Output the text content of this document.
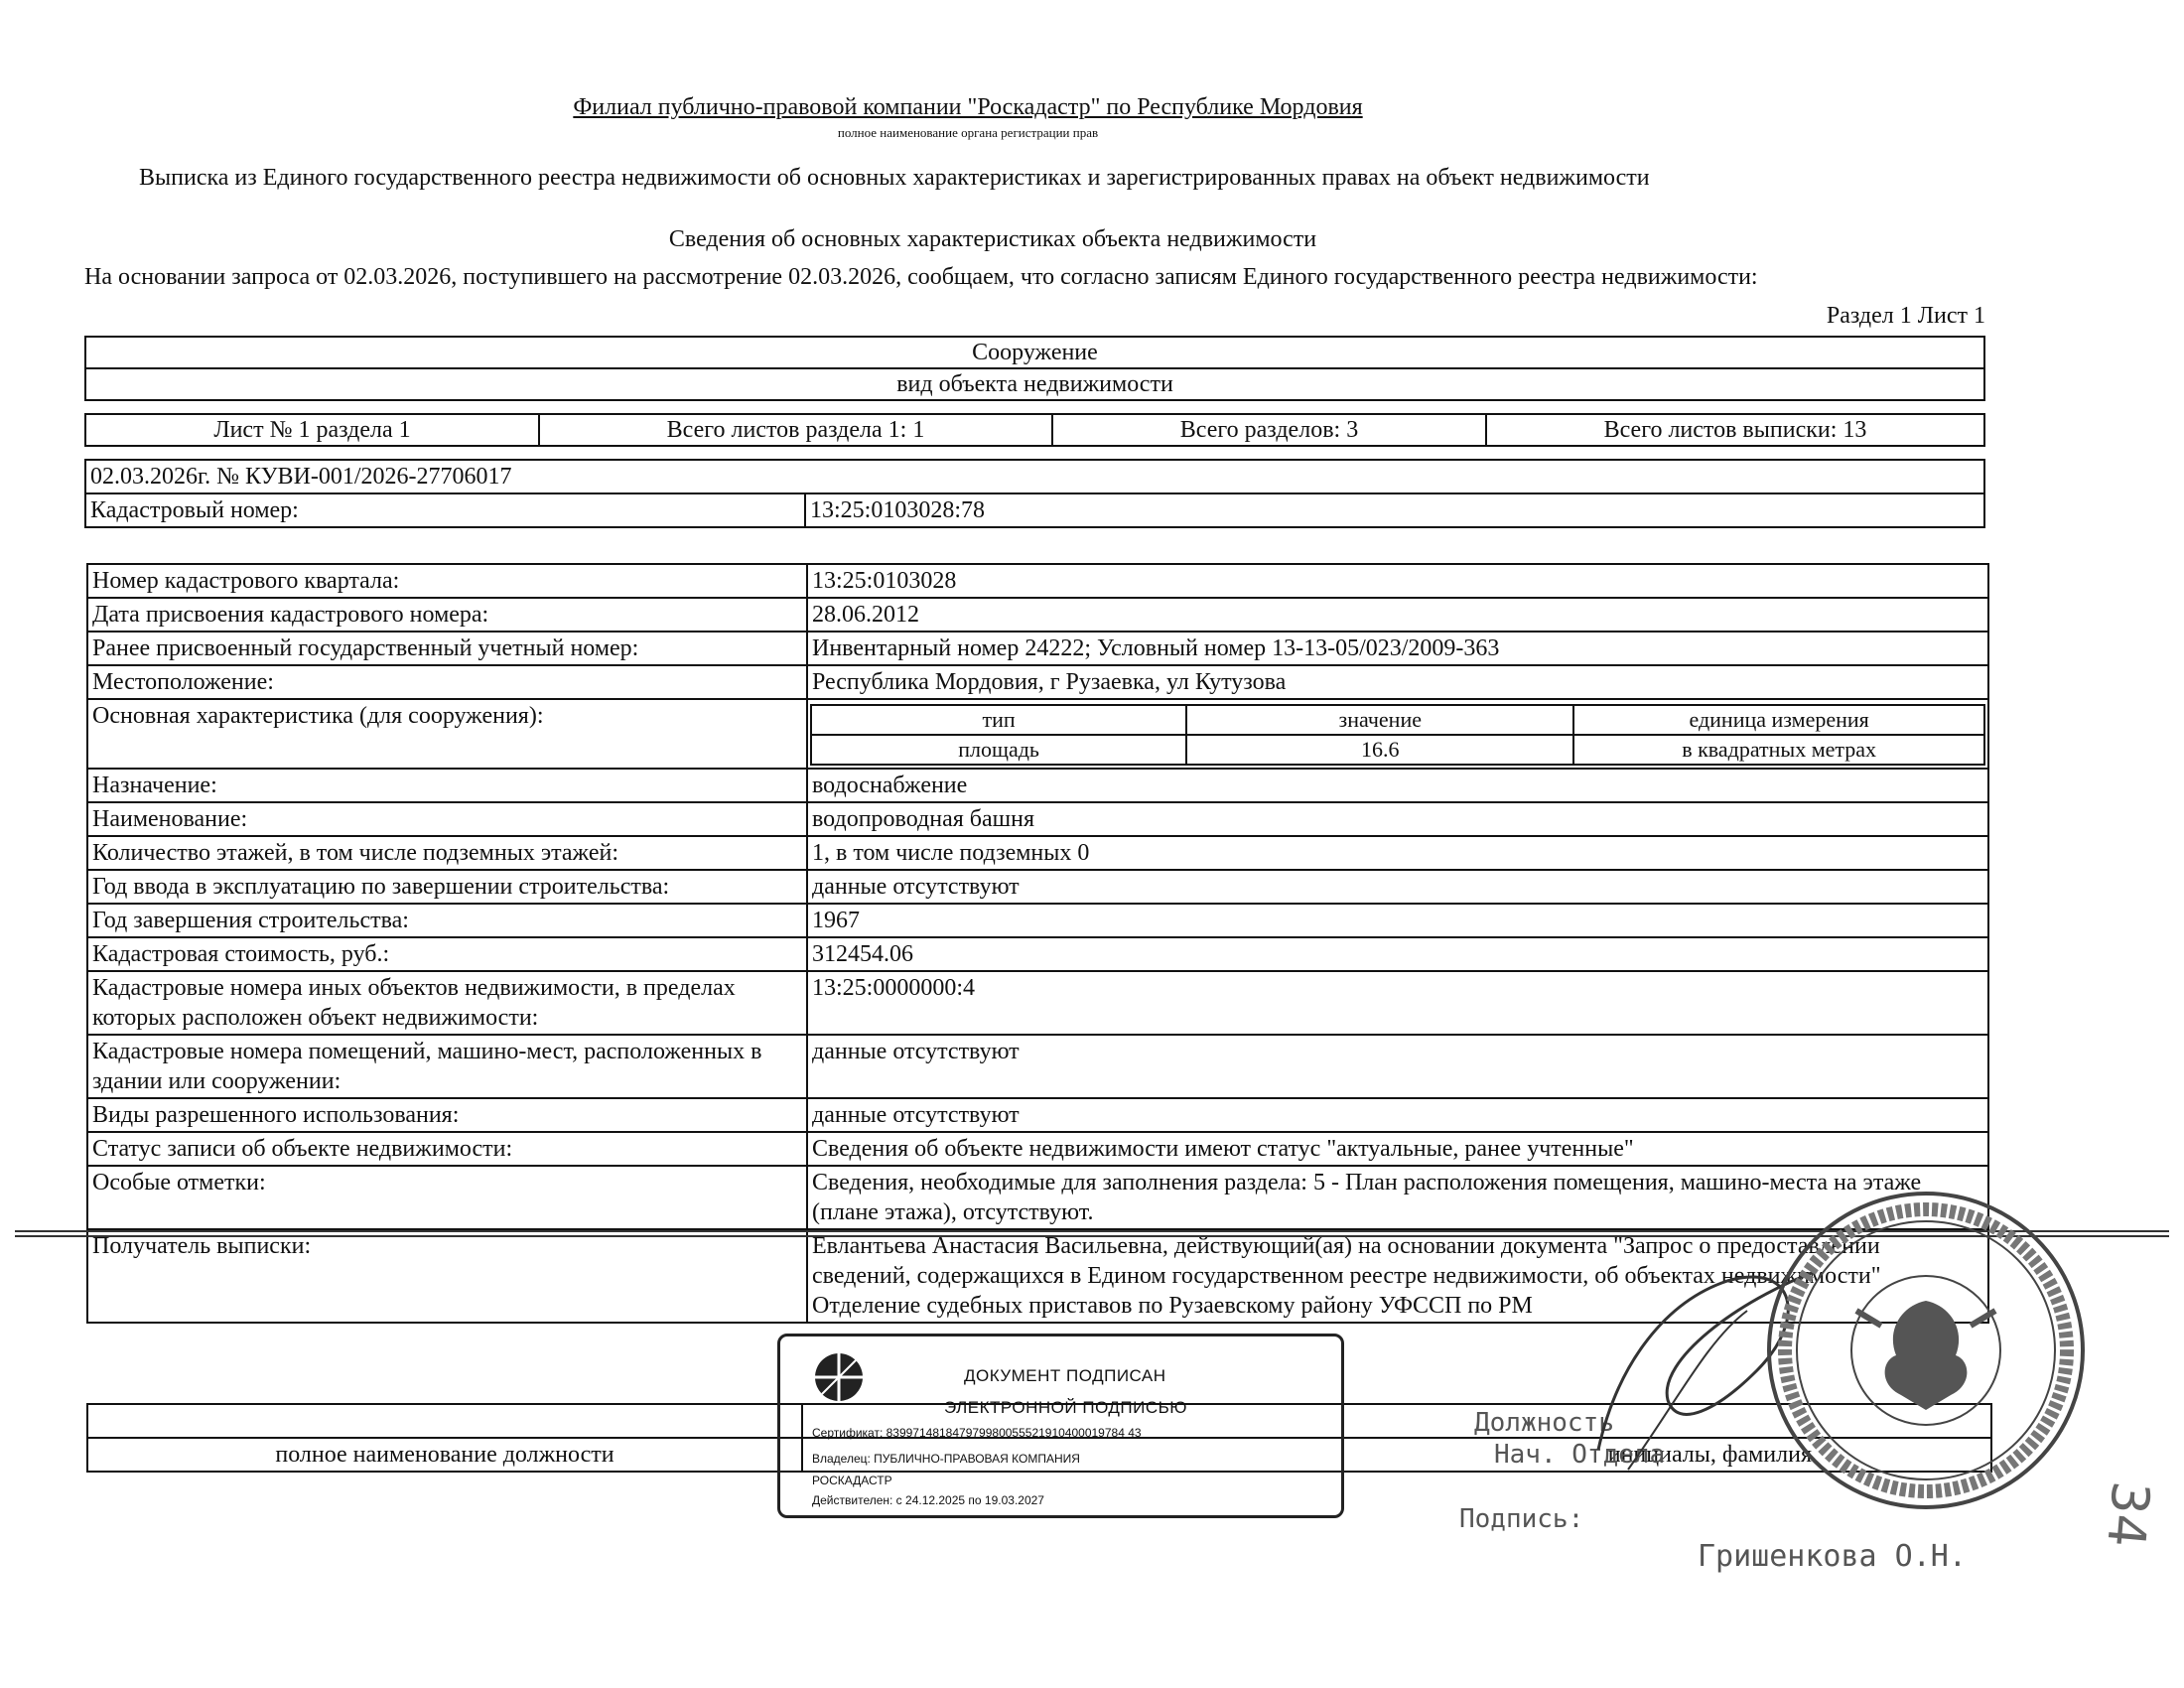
Филиал публично-правовой компании "Роскадастр" по Республике Мордовия
полное наименование органа регистрации прав
Выписка из Единого государственного реестра недвижимости об основных характеристиках и зарегистрированных правах на объект недвижимости
Сведения об основных характеристиках объекта недвижимости
На основании запроса от 02.03.2026, поступившего на рассмотрение 02.03.2026, сообщаем, что согласно записям Единого государственного реестра недвижимости:
Раздел 1 Лист 1
Сооружение
вид объекта недвижимости
Лист № 1 раздела 1	Всего листов раздела 1: 1	Всего разделов: 3	Всего листов выписки: 13
02.03.2026г. № КУВИ-001/2026-27706017
Кадастровый номер:	13:25:0103028:78
Номер кадастрового квартала:	13:25:0103028
Дата присвоения кадастрового номера:	28.06.2012
Ранее присвоенный государственный учетный номер:	Инвентарный номер 24222; Условный номер 13-13-05/023/2009-363
Местоположение:	Республика Мордовия, г Рузаевка, ул Кутузова
Основная характеристика (для сооружения):		тип	значение	единица измерения
площадь	16.6	в квадратных метрах

Назначение:	водоснабжение
Наименование:	водопроводная башня
Количество этажей, в том числе подземных этажей:	1, в том числе подземных 0
Год ввода в эксплуатацию по завершении строительства:	данные отсутствуют
Год завершения строительства:	1967
Кадастровая стоимость, руб.:	312454.06
Кадастровые номера иных объектов недвижимости, в пределах которых расположен объект недвижимости:	13:25:0000000:4
Кадастровые номера помещений, машино-мест, расположенных в здании или сооружении:	данные отсутствуют
Виды разрешенного использования:	данные отсутствуют
Статус записи об объекте недвижимости:	Сведения об объекте недвижимости имеют статус "актуальные, ранее учтенные"
Особые отметки:	Сведения, необходимые для заполнения раздела: 5 - План расположения помещения, машино-места на этаже (плане этажа), отсутствуют.
Получатель выписки:	Евлантьева Анастасия Васильевна, действующий(ая) на основании документа "Запрос о предоставлении сведений, содержащихся в Едином государственном реестре недвижимости, об объектах недвижимости" Отделение судебных приставов по Рузаевскому району УФССП по РМ

полное наименование должности		инициалы, фамилия
ДОКУМЕНТ ПОДПИСАН
ЭЛЕКТРОННОЙ ПОДПИСЬЮ
Сертификат: 839971481847979980055521910400019784 43
Владелец: ПУБЛИЧНО-ПРАВОВАЯ КОМПАНИЯ
РОСКАДАСТР
Действителен: с 24.12.2025 по 19.03.2027
Должность
Нач. Отдела
Подпись:
Гришенкова О.Н.
34
